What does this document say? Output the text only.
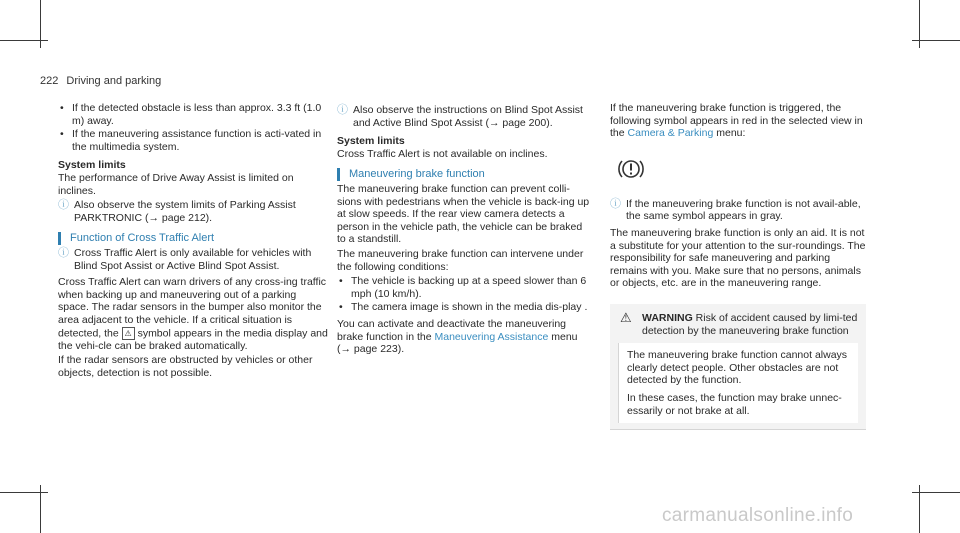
222 Driving and parking
• If the detected obstacle is less than approx. 3.3 ft (1.0 m) away.
• If the maneuvering assistance function is acti-vated in the multimedia system.

System limits

The performance of Drive Away Assist is limited on inclines.

ⓘ Also observe the system limits of Parking Assist PARKTRONIC (→ page 212).
Function of Cross Traffic Alert
ⓘ Cross Traffic Alert is only available for vehicles with Blind Spot Assist or Active Blind Spot Assist.

Cross Traffic Alert can warn drivers of any cross-ing traffic when backing up and maneuvering out of a parking space. The radar sensors in the bumper also monitor the area adjacent to the vehicle. If a critical situation is detected, the ⚠ symbol appears in the media display and the vehi-cle can be braked automatically.

If the radar sensors are obstructed by vehicles or other objects, detection is not possible.

ⓘ Also observe the instructions on Blind Spot Assist and Active Blind Spot Assist (→ page 200).

System limits

Cross Traffic Alert is not available on inclines.

Maneuvering brake function

The maneuvering brake function can prevent colli-sions with pedestrians when the vehicle is back-ing up at slow speeds. If the rear view camera detects a person in the vehicle path, the vehicle can be braked to a standstill.

The maneuvering brake function can intervene under the following conditions:

• The vehicle is backing up at a speed slower than 6 mph (10 km/h).
• The camera image is shown in the media dis-play .

You can activate and deactivate the maneuvering brake function in the Maneuvering Assistance menu (→ page 223).

If the maneuvering brake function is triggered, the following symbol appears in red in the selected view in the Camera & Parking menu:

ⓘ If the maneuvering brake function is not avail-able, the same symbol appears in gray.

The maneuvering brake function is only an aid. It is not a substitute for your attention to the sur-roundings. The responsibility for safe maneuvering and parking remains with you. Make sure that no persons, animals or objects, etc. are in the maneuvering range.

⚠ WARNING Risk of accident caused by limi-ted detection by the maneuvering brake function

The maneuvering brake function cannot always clearly detect people. Other obstacles are not detected by the function.

In these cases, the function may brake unnec-essarily or not brake at all.

carmanualsonline.info
